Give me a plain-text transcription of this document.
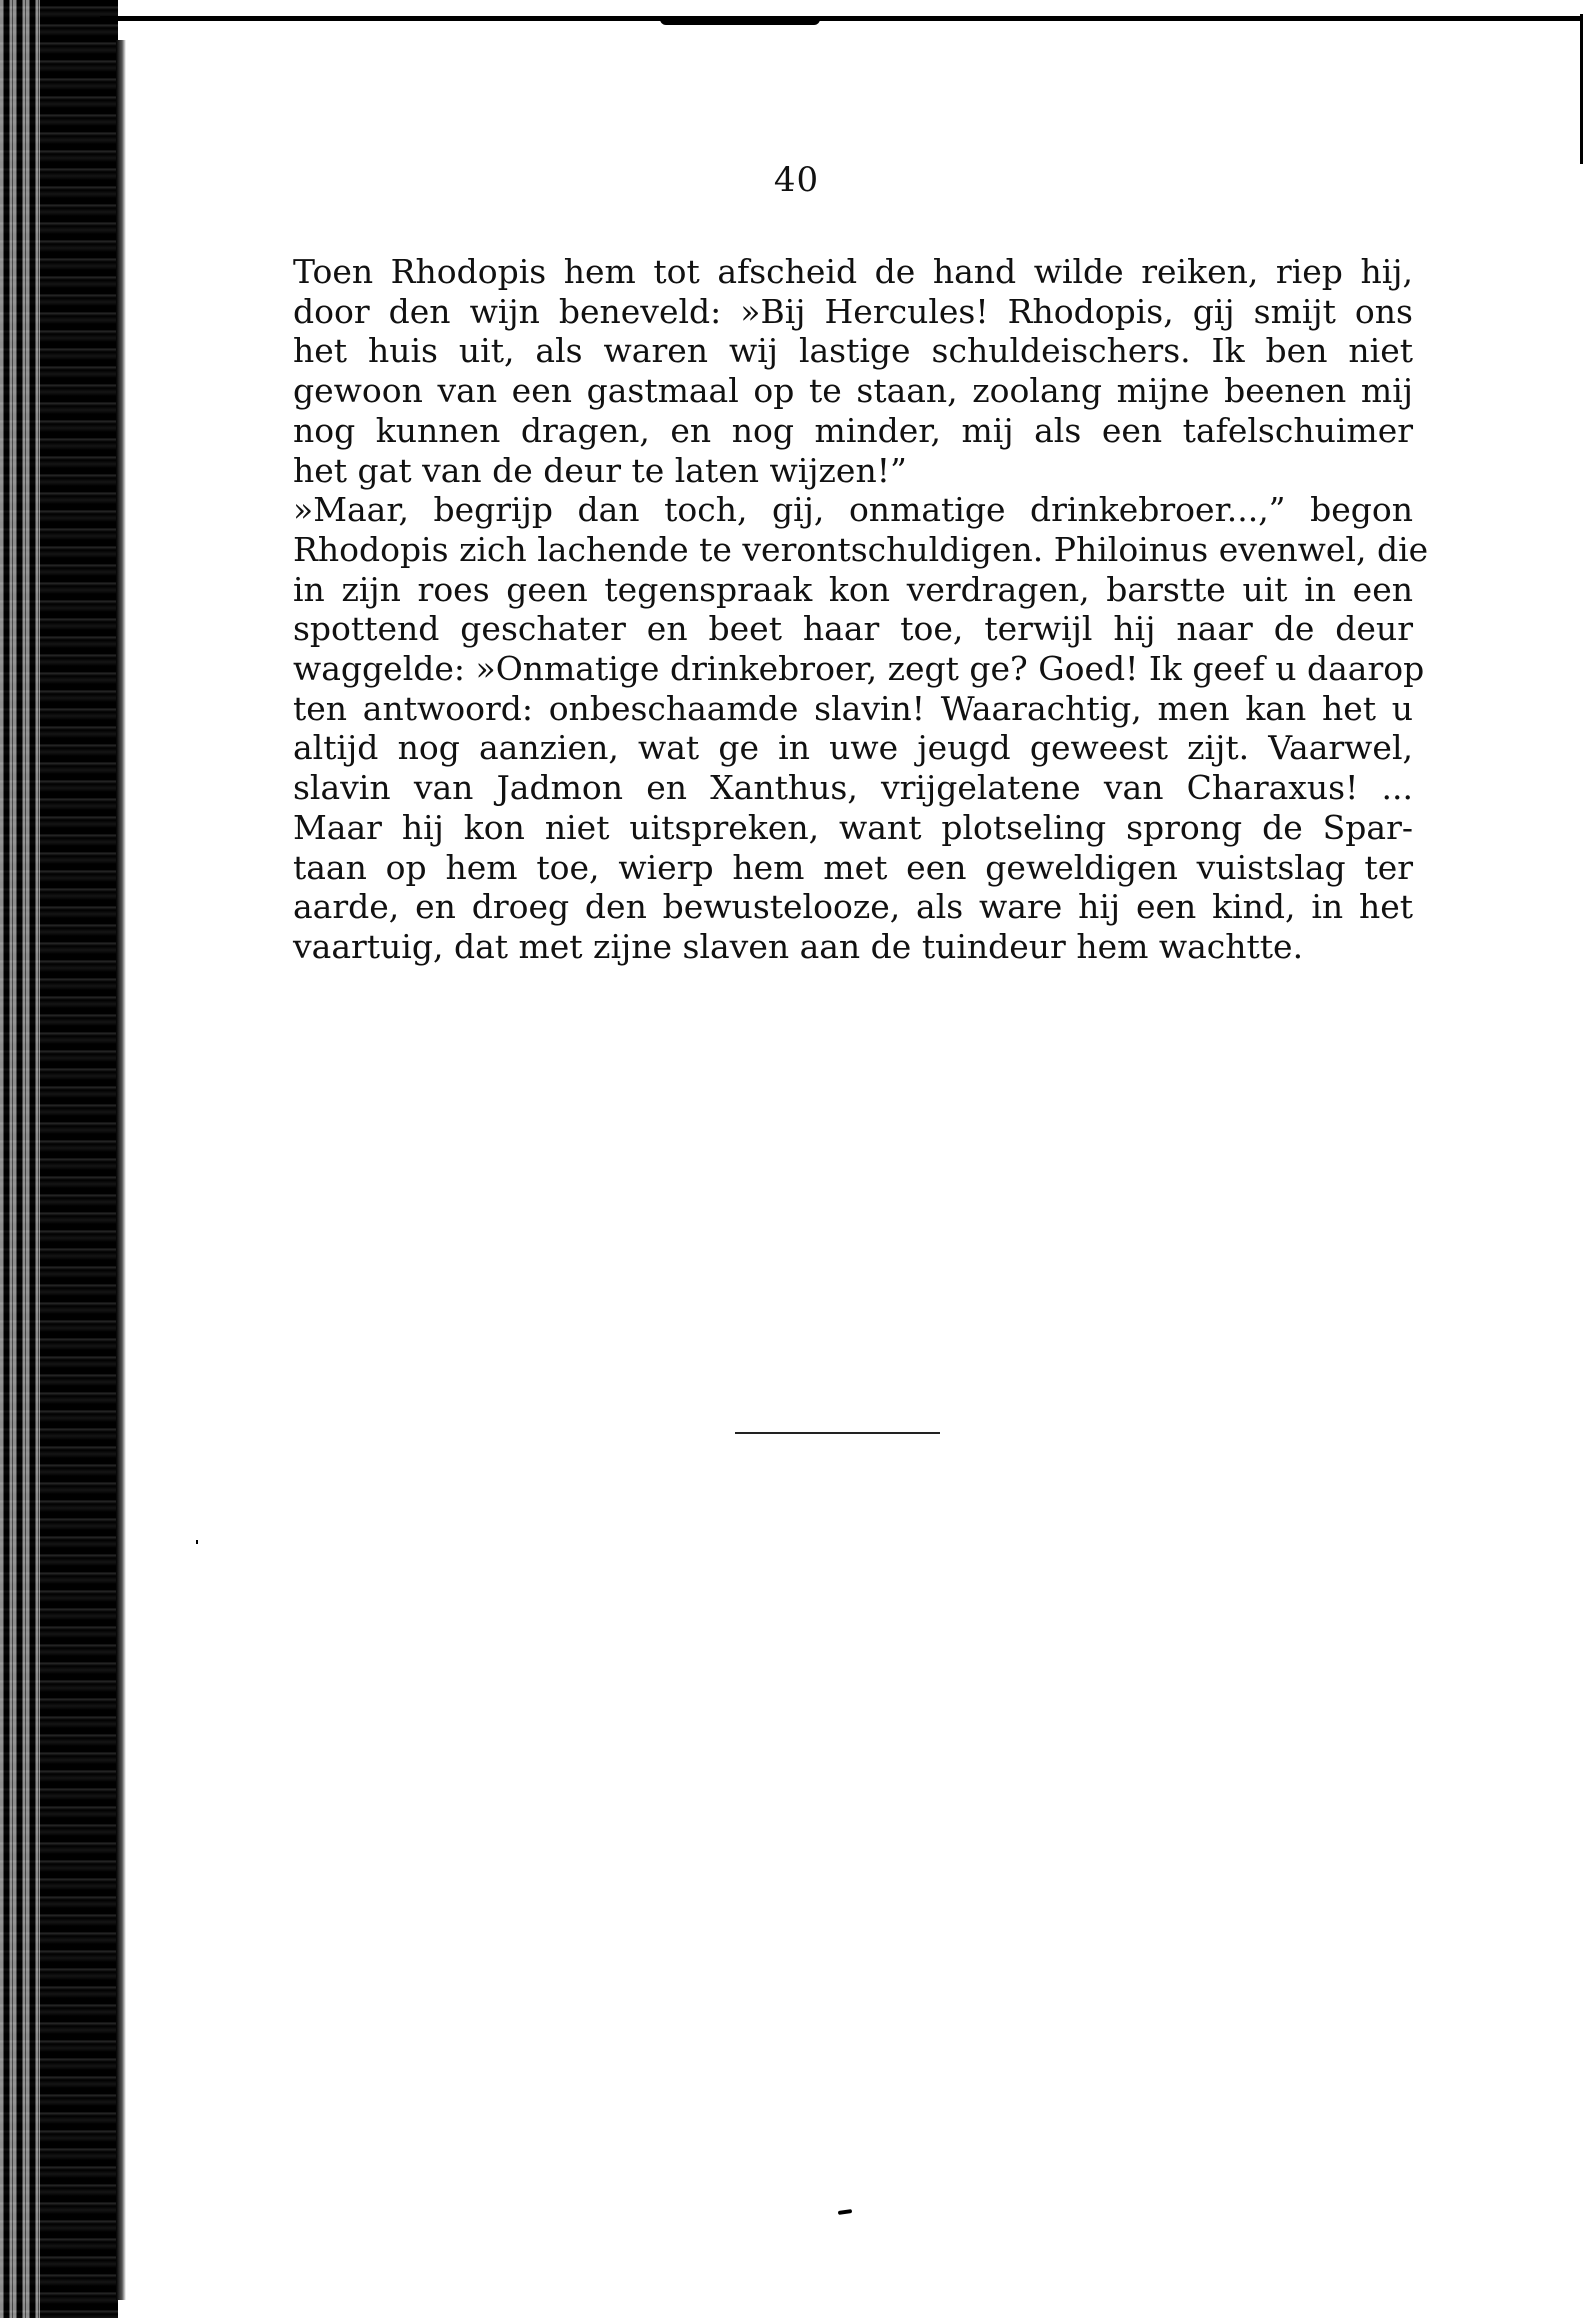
40
Toen Rhodopis hem tot afscheid de hand wilde reiken, riep hij,
door den wijn beneveld: »Bij Hercules! Rhodopis, gij smijt ons
het huis uit, als waren wij lastige schuldeischers. Ik ben niet
gewoon van een gastmaal op te staan, zoolang mijne beenen mij
nog kunnen dragen, en nog minder, mij als een tafelschuimer
het gat van de deur te laten wijzen!”
»Maar, begrijp dan toch, gij, onmatige drinkebroer...,” begon
Rhodopis zich lachende te verontschuldigen. Philoinus evenwel, die
in zijn roes geen tegenspraak kon verdragen, barstte uit in een
spottend geschater en beet haar toe, terwijl hij naar de deur
waggelde: »Onmatige drinkebroer, zegt ge? Goed! Ik geef u daarop
ten antwoord: onbeschaamde slavin! Waarachtig, men kan het u
altijd nog aanzien, wat ge in uwe jeugd geweest zijt. Vaarwel,
slavin van Jadmon en Xanthus, vrijgelatene van Charaxus! ...
Maar hij kon niet uitspreken, want plotseling sprong de Spar-
taan op hem toe, wierp hem met een geweldigen vuistslag ter
aarde, en droeg den bewustelooze, als ware hij een kind, in het
vaartuig, dat met zijne slaven aan de tuindeur hem wachtte.
